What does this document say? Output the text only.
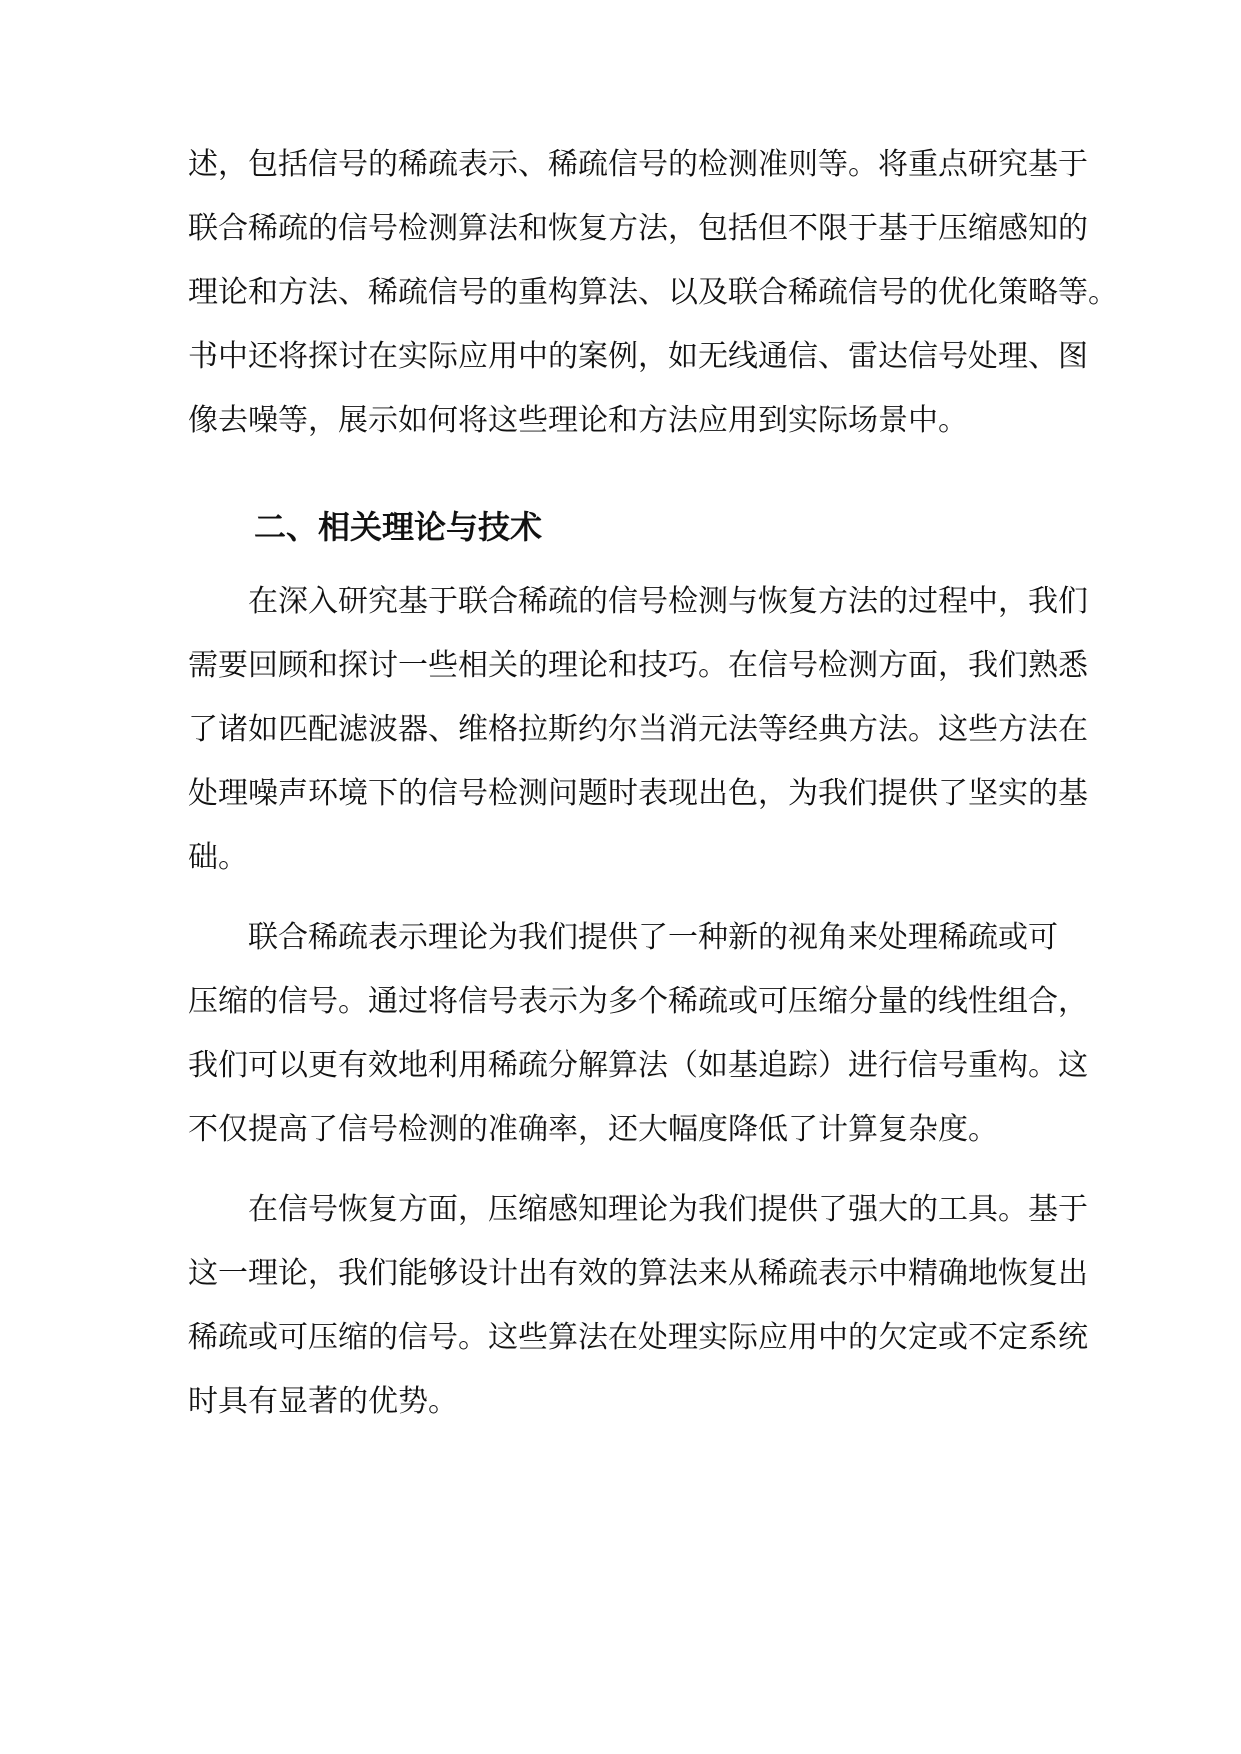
述，包括信号的稀疏表示、稀疏信号的检测准则等。将重点研究基于
联合稀疏的信号检测算法和恢复方法，包括但不限于基于压缩感知的
理论和方法、稀疏信号的重构算法、以及联合稀疏信号的优化策略等。
书中还将探讨在实际应用中的案例，如无线通信、雷达信号处理、图
像去噪等，展示如何将这些理论和方法应用到实际场景中。
二、相关理论与技术
在深入研究基于联合稀疏的信号检测与恢复方法的过程中，我们
需要回顾和探讨一些相关的理论和技巧。在信号检测方面，我们熟悉
了诸如匹配滤波器、维格拉斯约尔当消元法等经典方法。这些方法在
处理噪声环境下的信号检测问题时表现出色，为我们提供了坚实的基
础。
联合稀疏表示理论为我们提供了一种新的视角来处理稀疏或可
压缩的信号。通过将信号表示为多个稀疏或可压缩分量的线性组合，
我们可以更有效地利用稀疏分解算法（如基追踪）进行信号重构。这
不仅提高了信号检测的准确率，还大幅度降低了计算复杂度。
在信号恢复方面，压缩感知理论为我们提供了强大的工具。基于
这一理论，我们能够设计出有效的算法来从稀疏表示中精确地恢复出
稀疏或可压缩的信号。这些算法在处理实际应用中的欠定或不定系统
时具有显著的优势。
